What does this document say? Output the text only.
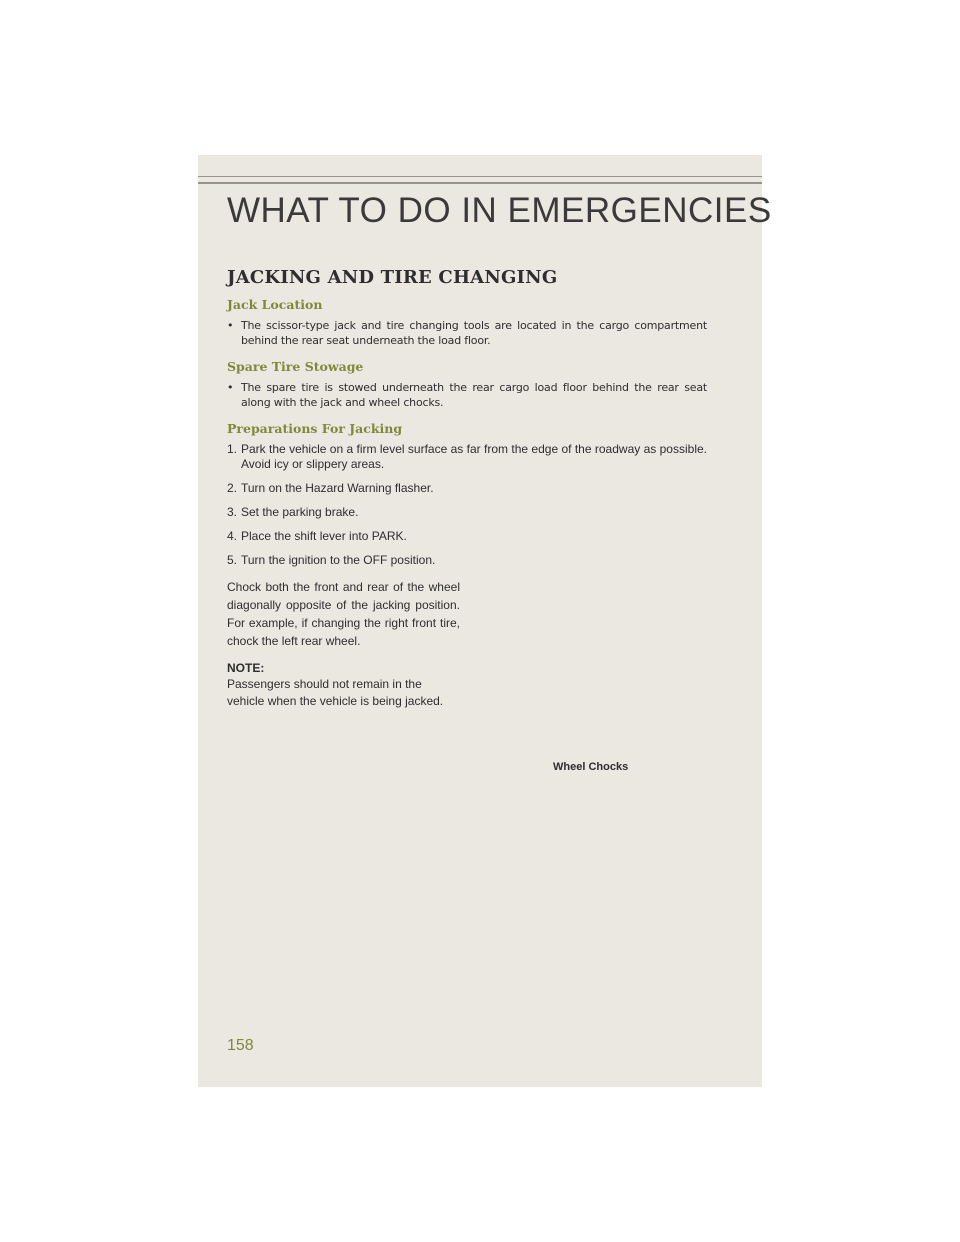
WHAT TO DO IN EMERGENCIES
JACKING AND TIRE CHANGING
Jack Location

• The scissor-type jack and tire changing tools are located in the cargo compartment behind the rear seat underneath the load floor.

Spare Tire Stowage

• The spare tire is stowed underneath the rear cargo load floor behind the rear seat along with the jack and wheel chocks.

Preparations For Jacking
1. Park the vehicle on a firm level surface as far from the edge of the roadway as possible. Avoid icy or slippery areas.
2. Turn on the Hazard Warning flasher.
3. Set the parking brake.
4. Place the shift lever into PARK.
5. Turn the ignition to the OFF position.

Chock both the front and rear of the wheel diagonally opposite of the jacking position. For example, if changing the right front tire, chock the left rear wheel.

NOTE:

Passengers should not remain in the vehicle when the vehicle is being jacked.

Wheel Chocks
158
